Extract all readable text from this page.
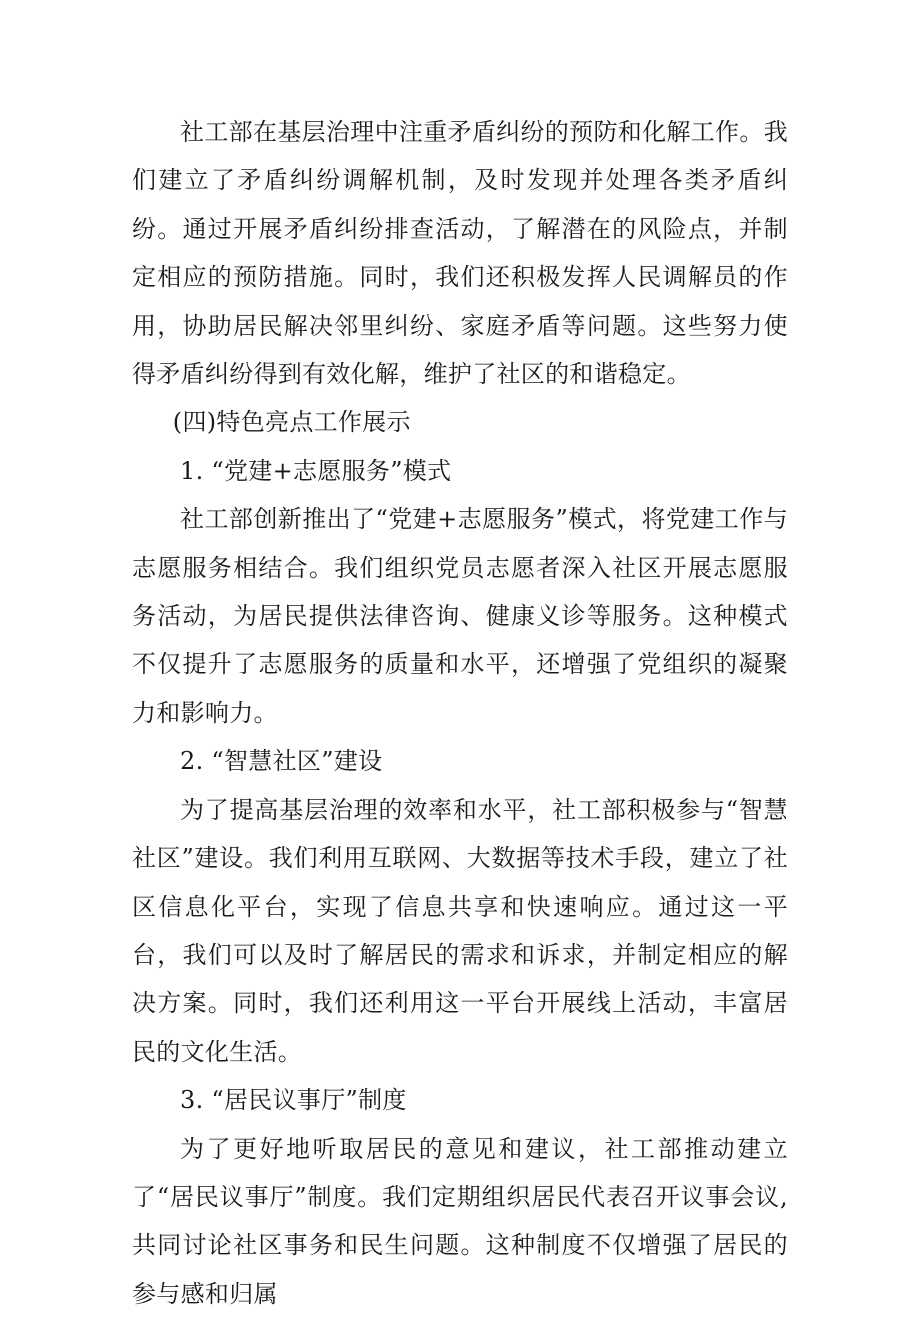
社工部在基层治理中注重矛盾纠纷的预防和化解工作。我们建立了矛盾纠纷调解机制，及时发现并处理各类矛盾纠纷。通过开展矛盾纠纷排查活动，了解潜在的风险点，并制定相应的预防措施。同时，我们还积极发挥人民调解员的作用，协助居民解决邻里纠纷、家庭矛盾等问题。这些努力使得矛盾纠纷得到有效化解，维护了社区的和谐稳定。

(四)特色亮点工作展示

1. “党建+志愿服务”模式

社工部创新推出了“党建+志愿服务”模式，将党建工作与志愿服务相结合。我们组织党员志愿者深入社区开展志愿服务活动，为居民提供法律咨询、健康义诊等服务。这种模式不仅提升了志愿服务的质量和水平，还增强了党组织的凝聚力和影响力。

2. “智慧社区”建设

为了提高基层治理的效率和水平，社工部积极参与“智慧社区”建设。我们利用互联网、大数据等技术手段，建立了社区信息化平台，实现了信息共享和快速响应。通过这一平台，我们可以及时了解居民的需求和诉求，并制定相应的解决方案。同时，我们还利用这一平台开展线上活动，丰富居民的文化生活。

3. “居民议事厅”制度

为了更好地听取居民的意见和建议，社工部推动建立了“居民议事厅”制度。我们定期组织居民代表召开议事会议,共同讨论社区事务和民生问题。这种制度不仅增强了居民的参与感和归属
